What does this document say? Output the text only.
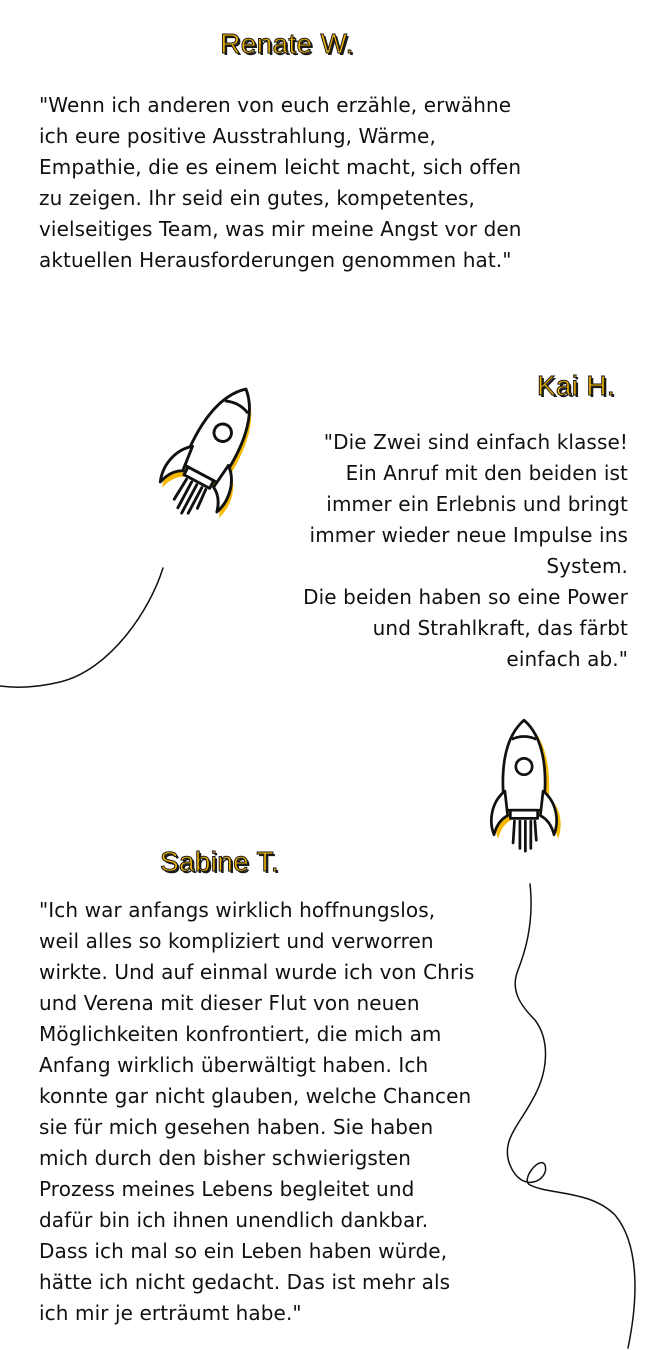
Renate W.

"Wenn ich anderen von euch erzähle, erwähne
ich eure positive Ausstrahlung, Wärme,
Empathie, die es einem leicht macht, sich offen
zu zeigen. Ihr seid ein gutes, kompetentes,
vielseitiges Team, was mir meine Angst vor den
aktuellen Herausforderungen genommen hat."

Kai H.

"Die Zwei sind einfach klasse!
Ein Anruf mit den beiden ist
immer ein Erlebnis und bringt
immer wieder neue Impulse ins
System.
Die beiden haben so eine Power
und Strahlkraft, das färbt
einfach ab."

Sabine T.

"Ich war anfangs wirklich hoffnungslos,
weil alles so kompliziert und verworren
wirkte. Und auf einmal wurde ich von Chris
und Verena mit dieser Flut von neuen
Möglichkeiten konfrontiert, die mich am
Anfang wirklich überwältigt haben. Ich
konnte gar nicht glauben, welche Chancen
sie für mich gesehen haben. Sie haben
mich durch den bisher schwierigsten
Prozess meines Lebens begleitet und
dafür bin ich ihnen unendlich dankbar.
Dass ich mal so ein Leben haben würde,
hätte ich nicht gedacht. Das ist mehr als
ich mir je erträumt habe."
